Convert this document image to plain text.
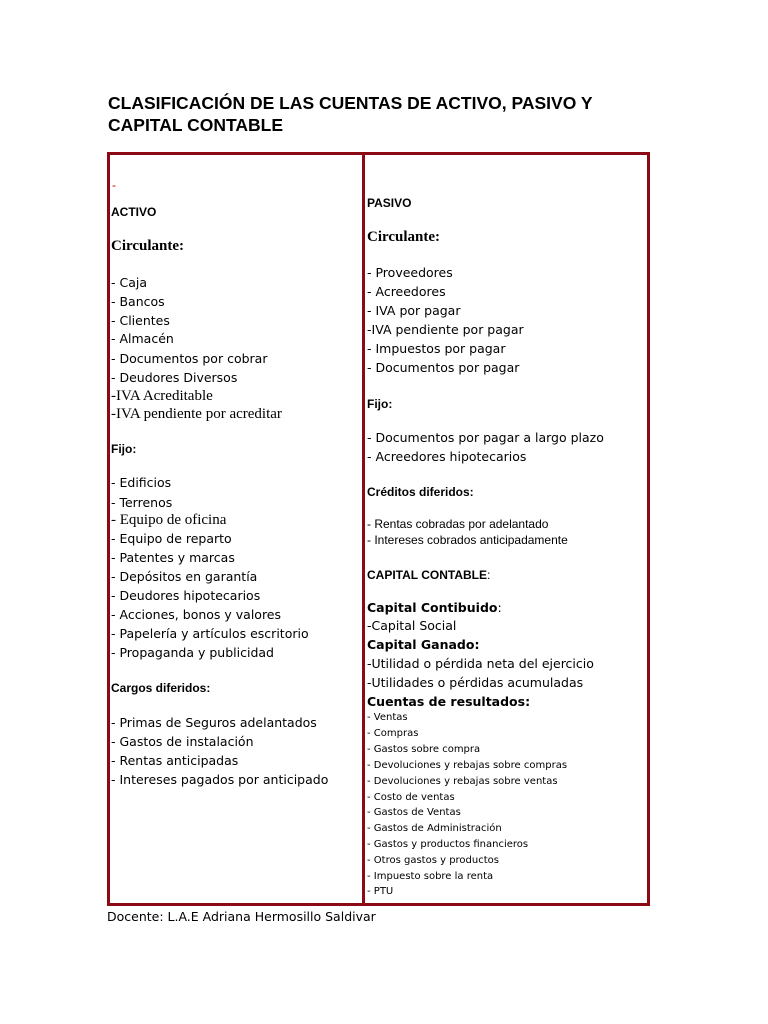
CLASIFICACIÓN DE LAS CUENTAS DE ACTIVO, PASIVO Y CAPITAL CONTABLE
-
ACTIVO
Circulante:
- Caja
- Bancos
- Clientes
- Almacén
- Documentos por cobrar
- Deudores Diversos
-IVA Acreditable
-IVA pendiente por acreditar
Fijo:
- Edificios
- Terrenos
- Equipo de oficina
- Equipo de reparto
- Patentes y marcas
- Depósitos en garantía
- Deudores hipotecarios
- Acciones, bonos y valores
- Papelería y artículos escritorio
- Propaganda y publicidad
Cargos diferidos:
- Primas de Seguros adelantados
- Gastos de instalación
- Rentas anticipadas
- Intereses pagados por anticipado
PASIVO
Circulante:
- Proveedores
- Acreedores
- IVA por pagar
-IVA pendiente por pagar
- Impuestos por pagar
- Documentos por pagar
Fijo:
- Documentos por pagar a largo plazo
- Acreedores hipotecarios
Créditos diferidos:
- Rentas cobradas por adelantado
- Intereses cobrados anticipadamente
CAPITAL CONTABLE:
Capital Contibuido:
-Capital Social
Capital Ganado:
-Utilidad o pérdida neta del ejercicio
-Utilidades o pérdidas acumuladas
Cuentas de resultados:
- Ventas
- Compras
- Gastos sobre compra
- Devoluciones y rebajas sobre compras
- Devoluciones y rebajas sobre ventas
- Costo de ventas
- Gastos de Ventas
- Gastos de Administración
- Gastos y productos financieros
- Otros gastos y productos
- Impuesto sobre la renta
- PTU
Docente: L.A.E Adriana Hermosillo Saldivar
